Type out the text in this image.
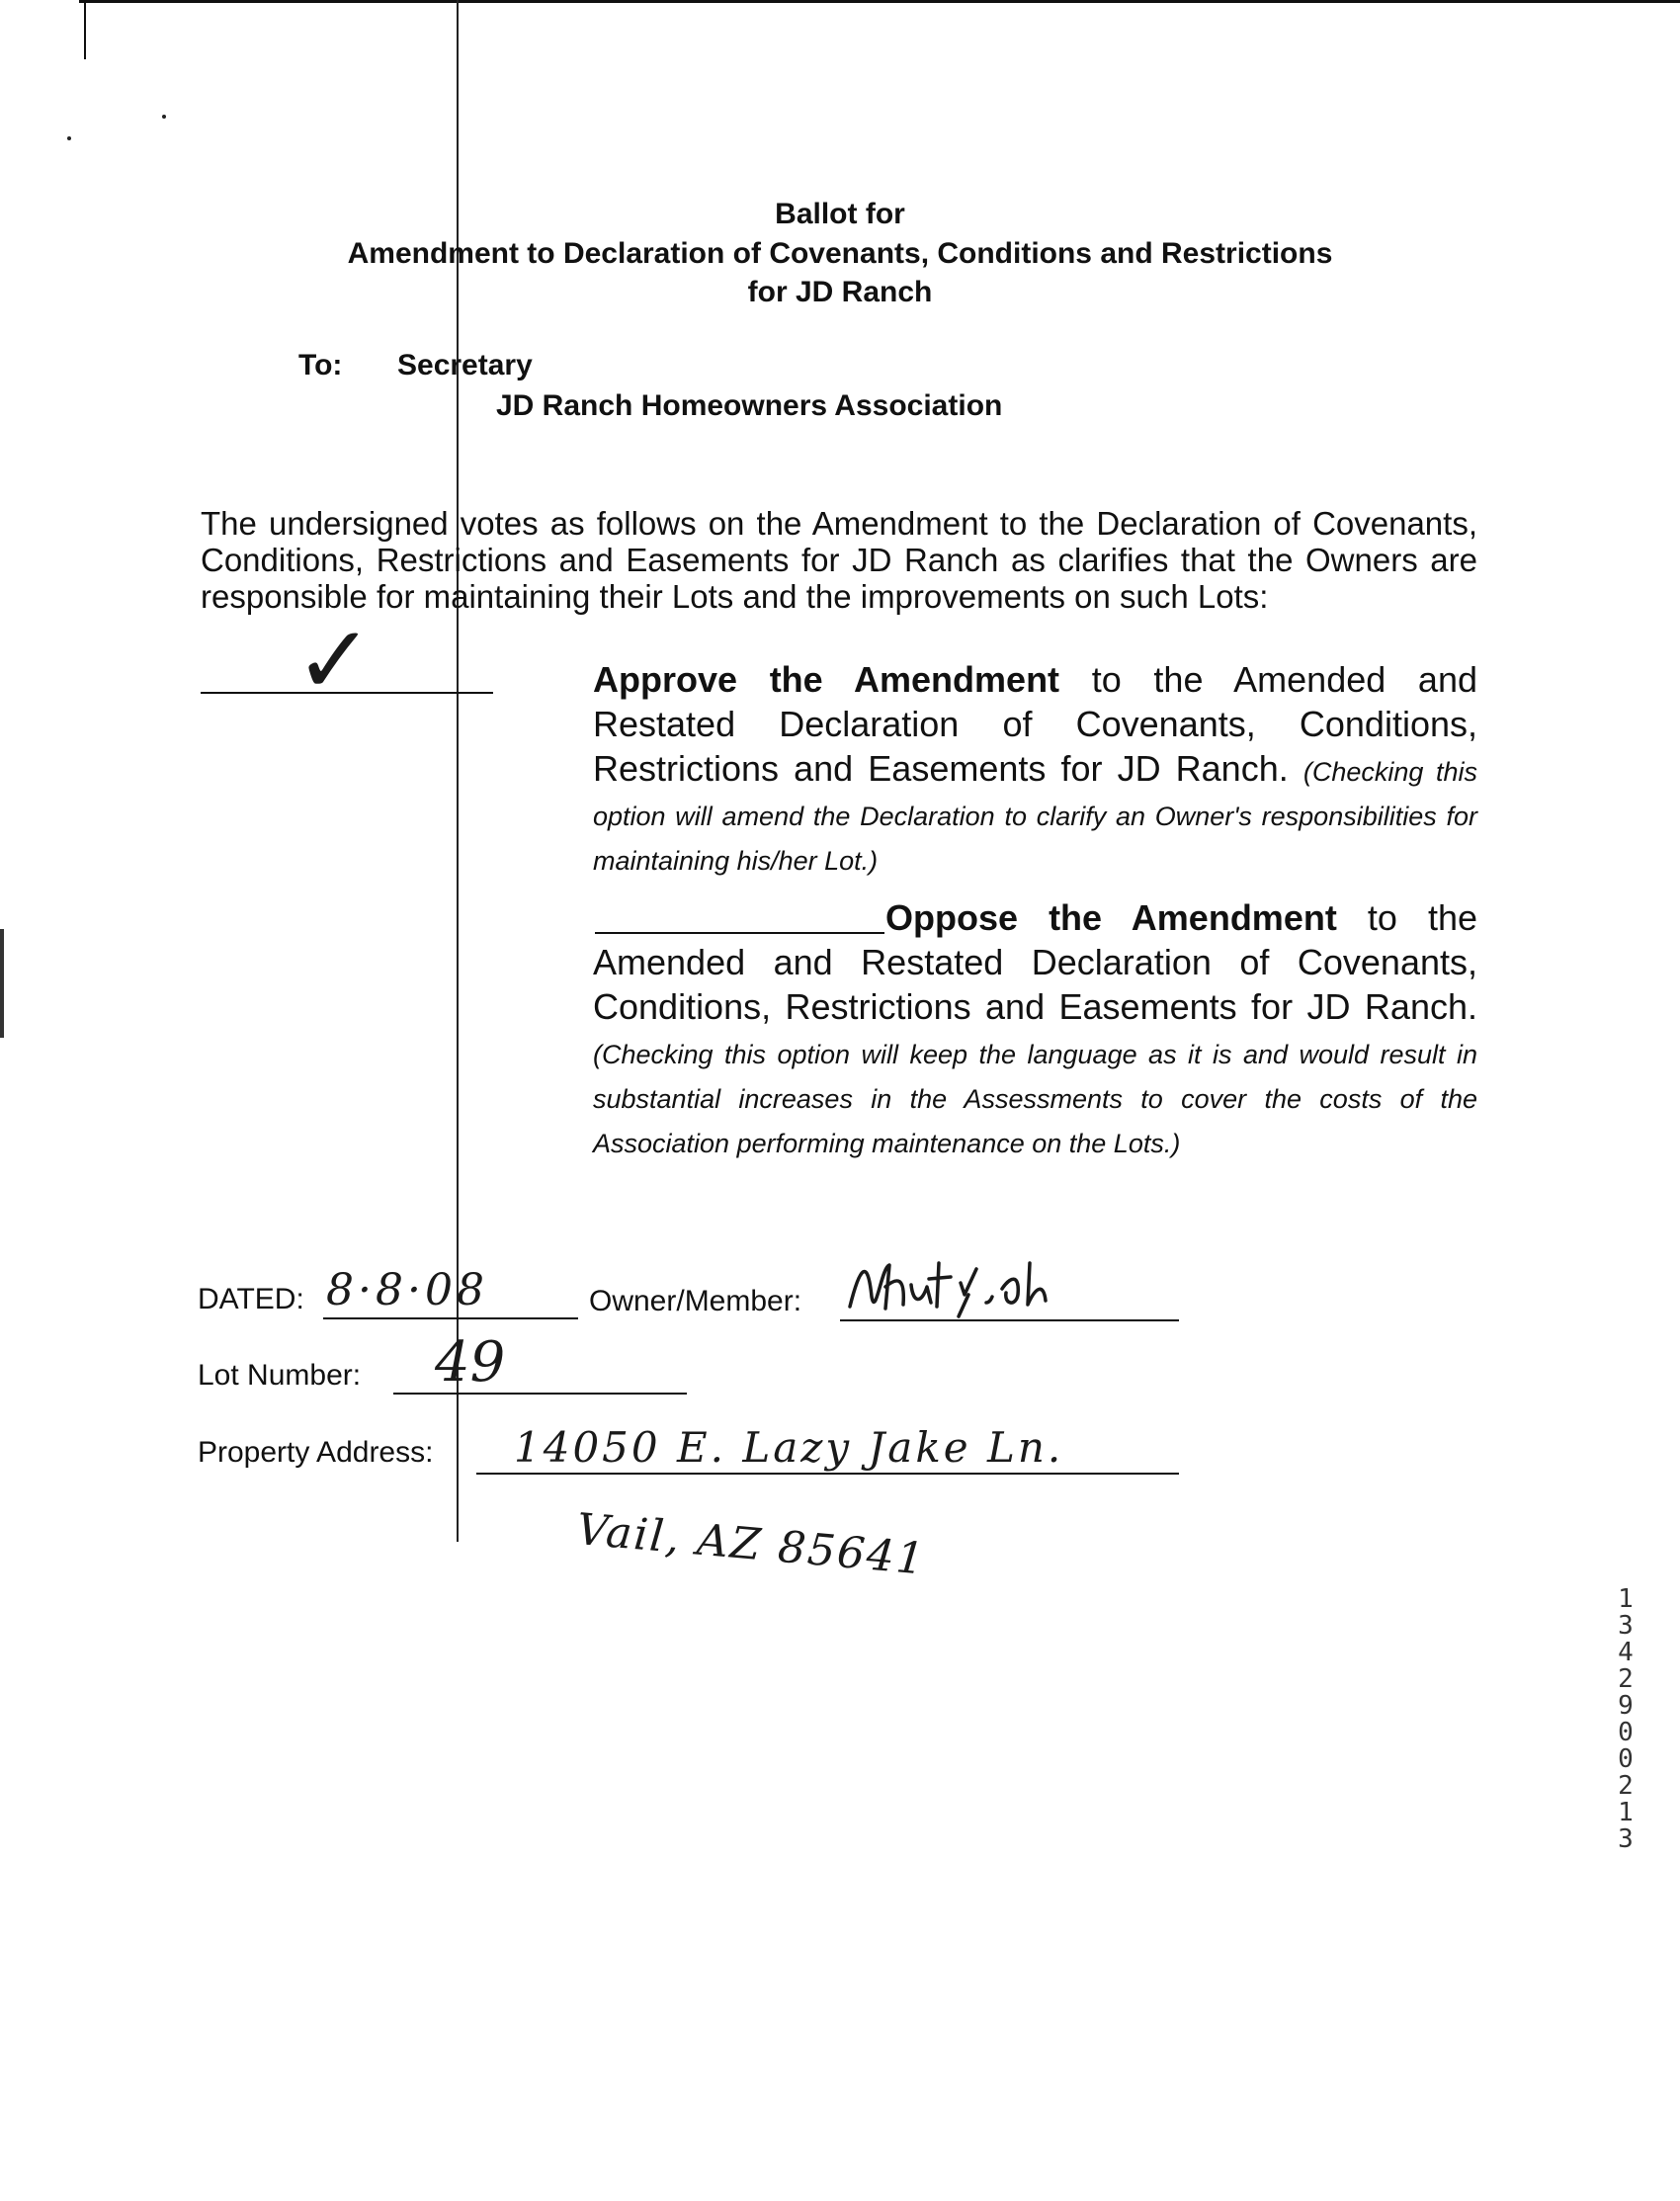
Ballot for
Amendment to Declaration of Covenants, Conditions and Restrictions
for JD Ranch
To: Secretary
JD Ranch Homeowners Association
The undersigned votes as follows on the Amendment to the Declaration of Covenants, Conditions, Restrictions and Easements for JD Ranch as clarifies that the Owners are responsible for maintaining their Lots and the improvements on such Lots:
✓	Approve the Amendment to the Amended and Restated Declaration of Covenants, Conditions, Restrictions and Easements for JD Ranch. (Checking this option will amend the Declaration to clarify an Owner's responsibilities for maintaining his/her Lot.)
Oppose the Amendment to the Amended and Restated Declaration of Covenants, Conditions, Restrictions and Easements for JD Ranch. (Checking this option will keep the language as it is and would result in substantial increases in the Assessments to cover the costs of the Association performing maintenance on the Lots.)
DATED: 8·8·08	Owner/Member:
Lot Number: 49
Property Address: 14050 E. Lazy Jake Ln.
Vail, AZ 85641
1342900213
